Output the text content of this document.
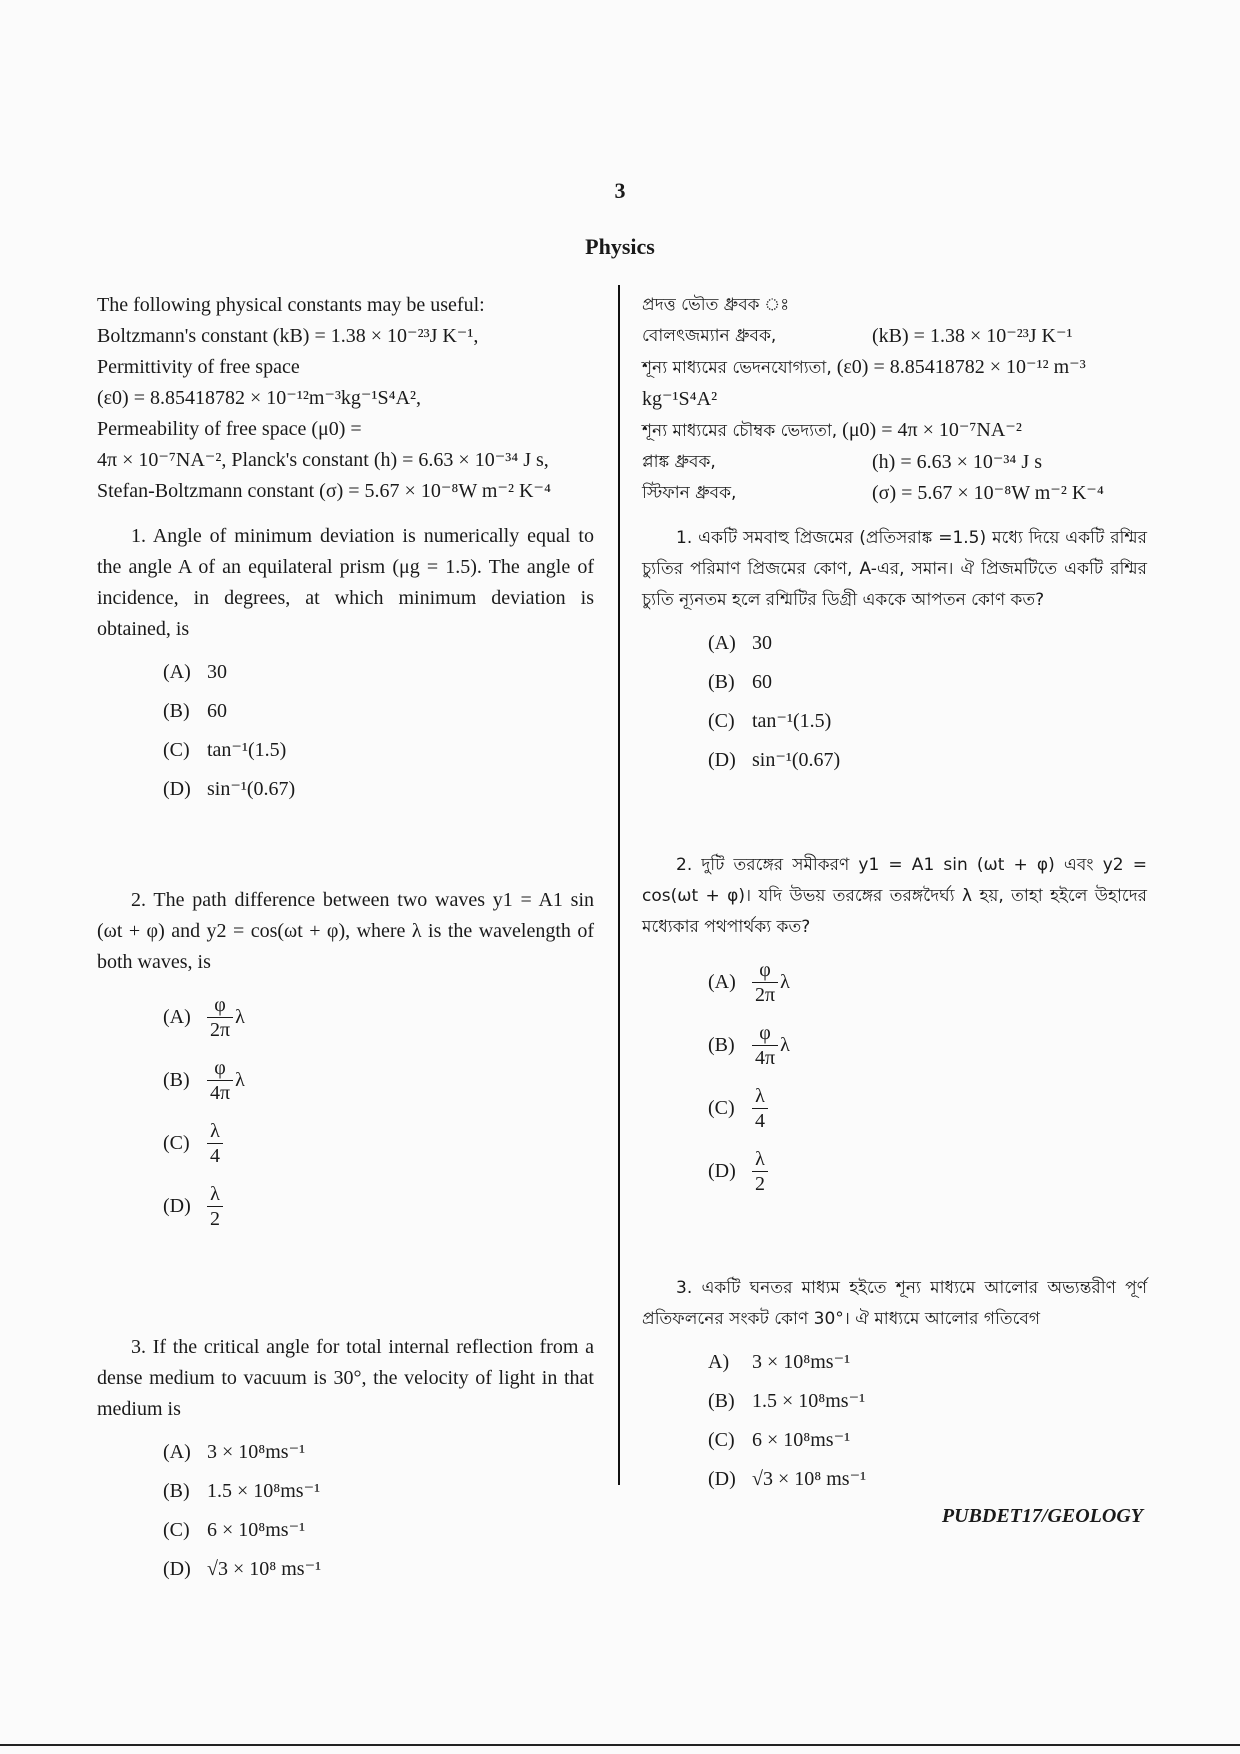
3
Physics

The following physical constants may be useful:

Boltzmann's constant (kB) = 1.38 × 10⁻²³J K⁻¹,

Permittivity of free space

(ε0) = 8.85418782 × 10⁻¹²m⁻³kg⁻¹S⁴A²,

Permeability of free space (μ0) =

4π × 10⁻⁷NA⁻², Planck's constant (h) = 6.63 × 10⁻³⁴ J s,

Stefan-Boltzmann constant (σ) = 5.67 × 10⁻⁸W m⁻² K⁻⁴

1. Angle of minimum deviation is numerically equal to the angle A of an equilateral prism (μg = 1.5). The angle of incidence, in degrees, at which minimum deviation is obtained, is

(A) 30
(B) 60
(C) tan⁻¹(1.5)
(D) sin⁻¹(0.67)

2. The path difference between two waves y1 = A1 sin (ωt + φ) and y2 = cos(ωt + φ), where λ is the wavelength of both waves, is

$(A) \frac{\varphi}{2\pi}$ λ
$(B) \frac{\varphi}{4\pi}$ λ
$(C) \frac{\lambda}{4}$
$(D) \frac{\lambda}{2}$

3. If the critical angle for total internal reflection from a dense medium to vacuum is 30°, the velocity of light in that medium is

(A) 3 × 10⁸ms⁻¹
(B) 1.5 × 10⁸ms⁻¹
(C) 6 × 10⁸ms⁻¹
(D) √3 × 10⁸ ms⁻¹

প্রদত্ত ভৌত ধ্রুবক ঃ

বোলৎজম্যান ধ্রুবক,	(kB) = 1.38 × 10⁻²³J K⁻¹
শূন্য মাধ্যমের ভেদনযোগ্যতা, (ε0) = 8.85418782 × 10⁻¹² m⁻³ kg⁻¹S⁴A²
শূন্য মাধ্যমের চৌম্বক ভেদ্যতা, (μ0) = 4π × 10⁻⁷NA⁻²
প্লাঙ্ক ধ্রুবক,	(h) = 6.63 × 10⁻³⁴ J s
স্টিফান ধ্রুবক,	(σ) = 5.67 × 10⁻⁸W m⁻² K⁻⁴

1. একটি সমবাহু প্রিজমের (প্রতিসরাঙ্ক =1.5) মধ্যে দিয়ে একটি রশ্মির চ্যুতির পরিমাণ প্রিজমের কোণ, A-এর, সমান। ঐ প্রিজমটিতে একটি রশ্মির চ্যুতি ন্যূনতম হলে রশ্মিটির ডিগ্রী এককে আপতন কোণ কত?

(A) 30
(B) 60
(C) tan⁻¹(1.5)
(D) sin⁻¹(0.67)

2. দুটি তরঙ্গের সমীকরণ y1 = A1 sin (ωt + φ) এবং y2 = cos(ωt + φ)। যদি উভয় তরঙ্গের তরঙ্গদৈর্ঘ্য λ হয়, তাহা হইলে উহাদের মধ্যেকার পথপার্থক্য কত?

$(A) \frac{\varphi}{2\pi}$ λ
$(B) \frac{\varphi}{4\pi}$ λ
$(C) \frac{\lambda}{4}$
$(D) \frac{\lambda}{2}$

3. একটি ঘনতর মাধ্যম হইতে শূন্য মাধ্যমে আলোর অভ্যন্তরীণ পূর্ণ প্রতিফলনের সংকট কোণ 30°। ঐ মাধ্যমে আলোর গতিবেগ

A) 3 × 10⁸ms⁻¹
(B) 1.5 × 10⁸ms⁻¹
(C) 6 × 10⁸ms⁻¹
(D) √3 × 10⁸ ms⁻¹
PUBDET17/GEOLOGY
